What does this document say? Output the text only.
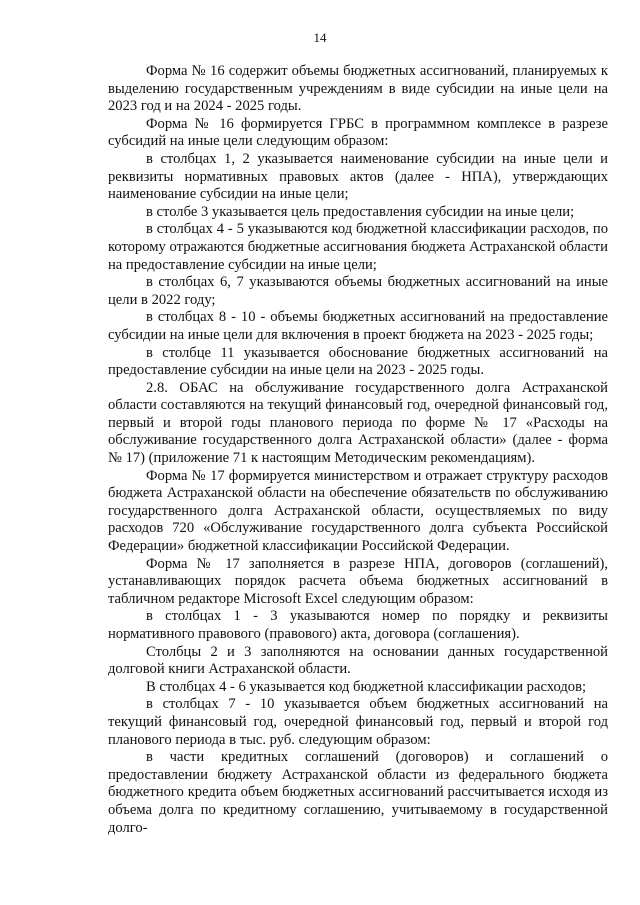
14

Форма № 16 содержит объемы бюджетных ассигнований, планируемых к выделению государственным учреждениям в виде субсидии на иные цели на 2023 год и на 2024 - 2025 годы.

Форма № 16 формируется ГРБС в программном комплексе в разрезе субсидий на иные цели следующим образом:

в столбцах 1, 2 указывается наименование субсидии на иные цели и реквизиты нормативных правовых актов (далее - НПА), утверждающих наименование субсидии на иные цели;

в столбе 3 указывается цель предоставления субсидии на иные цели;

в столбцах 4 - 5 указываются код бюджетной классификации расходов, по которому отражаются бюджетные ассигнования бюджета Астраханской области на предоставление субсидии на иные цели;

в столбцах 6, 7 указываются объемы бюджетных ассигнований на иные цели в 2022 году;

в столбцах 8 - 10 - объемы бюджетных ассигнований на предоставление субсидии на иные цели для включения в проект бюджета на 2023 - 2025 годы;

в столбце 11 указывается обоснование бюджетных ассигнований на предоставление субсидии на иные цели на 2023 - 2025 годы.

2.8. ОБАС на обслуживание государственного долга Астраханской области составляются на текущий финансовый год, очередной финансовый год, первый и второй годы планового периода по форме № 17 «Расходы на обслуживание государственного долга Астраханской области» (далее - форма № 17) (приложение 71 к настоящим Методическим рекомендациям).

Форма № 17 формируется министерством и отражает структуру расходов бюджета Астраханской области на обеспечение обязательств по обслуживанию государственного долга Астраханской области, осуществляемых по виду расходов 720 «Обслуживание государственного долга субъекта Российской Федерации» бюджетной классификации Российской Федерации.

Форма № 17 заполняется в разрезе НПА, договоров (соглашений), устанавливающих порядок расчета объема бюджетных ассигнований в табличном редакторе Microsoft Excel следующим образом:

в столбцах 1 - 3 указываются номер по порядку и реквизиты нормативного правового (правового) акта, договора (соглашения).

Столбцы 2 и 3 заполняются на основании данных государственной долговой книги Астраханской области.

В столбцах 4 - 6 указывается код бюджетной классификации расходов;

в столбцах 7 - 10 указывается объем бюджетных ассигнований на текущий финансовый год, очередной финансовый год, первый и второй год планового периода в тыс. руб. следующим образом:

в части кредитных соглашений (договоров) и соглашений о предоставлении бюджету Астраханской области из федерального бюджета бюджетного кредита объем бюджетных ассигнований рассчитывается исходя из объема долга по кредитному соглашению, учитываемому в государственной долго-
